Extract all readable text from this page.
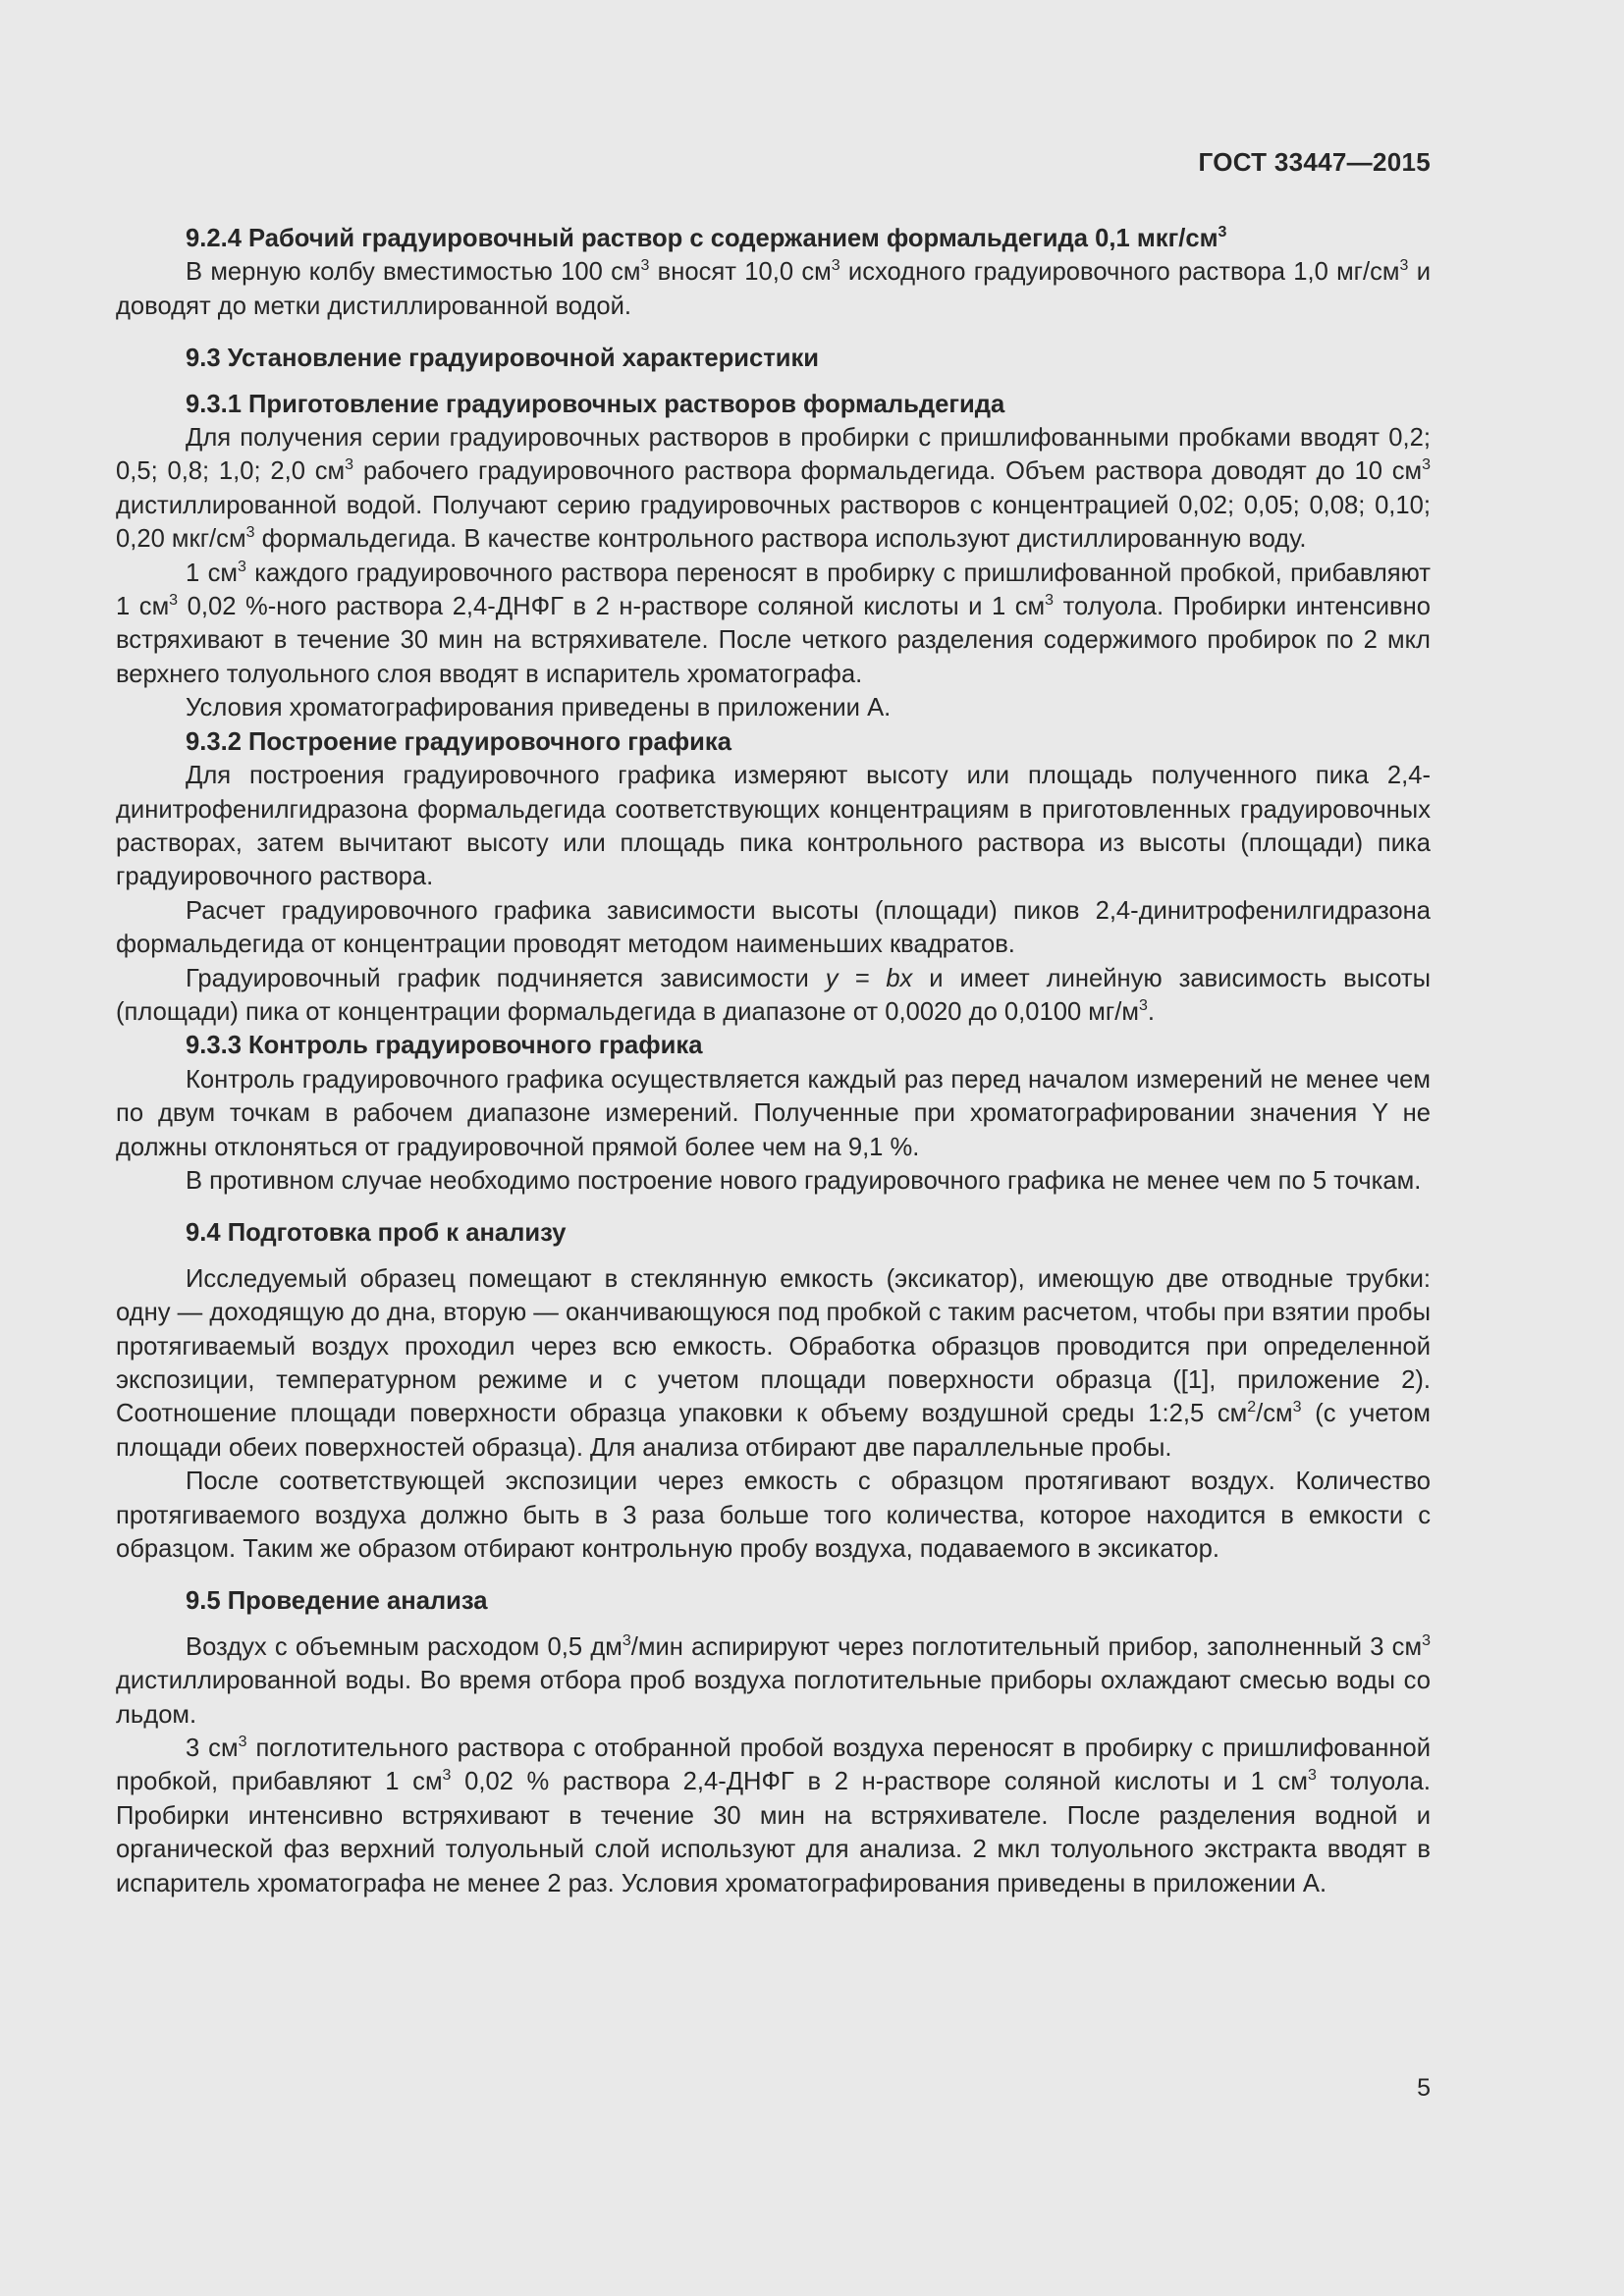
ГОСТ 33447—2015
9.2.4 Рабочий градуировочный раствор с содержанием формальдегида 0,1 мкг/$см^3$

В мерную колбу вместимостью 100 $см^3$ вносят 10,0 $см^3$ исходного градуировочного раствора 1,0 $мг/см^3$ и доводят до метки дистиллированной водой.

9.3 Установление градуировочной характеристики
9.3.1 Приготовление градуировочных растворов формальдегида

Для получения серии градуировочных растворов в пробирки с пришлифованными пробками вводят 0,2; 0,5; 0,8; 1,0; 2,0 $см^3$ рабочего градуировочного раствора формальдегида. Объем раствора доводят до 10 $см^3$ дистиллированной водой. Получают серию градуировочных растворов с концентрацией 0,02; 0,05; 0,08; 0,10; 0,20 мкг/$см^3$ формальдегида. В качестве контрольного раствора используют дистиллированную воду.

1 $см^3$ каждого градуировочного раствора переносят в пробирку с пришлифованной пробкой, прибавляют 1 $см^3$ 0,02 %-ного раствора 2,4-ДНФГ в 2 н-растворе соляной кислоты и 1 $см^3$ толуола. Пробирки интенсивно встряхивают в течение 30 мин на встряхивателе. После четкого разделения содержимого пробирок по 2 мкл верхнего толуольного слоя вводят в испаритель хроматографа.

Условия хроматографирования приведены в приложении А.

9.3.2 Построение градуировочного графика

Для построения градуировочного графика измеряют высоту или площадь полученного пика 2,4-динитрофенилгидразона формальдегида соответствующих концентрациям в приготовленных градуировочных растворах, затем вычитают высоту или площадь пика контрольного раствора из высоты (площади) пика градуировочного раствора.

Расчет градуировочного графика зависимости высоты (площади) пиков 2,4-динитрофенилгидразона формальдегида от концентрации проводят методом наименьших квадратов.

Градуировочный график подчиняется зависимости y = bx и имеет линейную зависимость высоты (площади) пика от концентрации формальдегида в диапазоне от 0,0020 до 0,0100 $мг/м^3$.

9.3.3 Контроль градуировочного графика

Контроль градуировочного графика осуществляется каждый раз перед началом измерений не менее чем по двум точкам в рабочем диапазоне измерений. Полученные при хроматографировании значения Y не должны отклоняться от градуировочной прямой более чем на 9,1 %.

В противном случае необходимо построение нового градуировочного графика не менее чем по 5 точкам.

9.4 Подготовка проб к анализу

Исследуемый образец помещают в стеклянную емкость (эксикатор), имеющую две отводные трубки: одну — доходящую до дна, вторую — оканчивающуюся под пробкой с таким расчетом, чтобы при взятии пробы протягиваемый воздух проходил через всю емкость. Обработка образцов проводится при определенной экспозиции, температурном режиме и с учетом площади поверхности образца ([1], приложение 2). Соотношение площади поверхности образца упаковки к объему воздушной среды 1:2,5 $см^2/см^3$ (с учетом площади обеих поверхностей образца). Для анализа отбирают две параллельные пробы.

После соответствующей экспозиции через емкость с образцом протягивают воздух. Количество протягиваемого воздуха должно быть в 3 раза больше того количества, которое находится в емкости с образцом. Таким же образом отбирают контрольную пробу воздуха, подаваемого в эксикатор.

9.5 Проведение анализа

Воздух с объемным расходом 0,5 $дм^3$/мин аспирируют через поглотительный прибор, заполненный 3 $см^3$ дистиллированной воды. Во время отбора проб воздуха поглотительные приборы охлаждают смесью воды со льдом.

3 $см^3$ поглотительного раствора с отобранной пробой воздуха переносят в пробирку с пришлифованной пробкой, прибавляют 1 $см^3$ 0,02 % раствора 2,4-ДНФГ в 2 н-растворе соляной кислоты и 1 $см^3$ толуола. Пробирки интенсивно встряхивают в течение 30 мин на встряхивателе. После разделения водной и органической фаз верхний толуольный слой используют для анализа. 2 мкл толуольного экстракта вводят в испаритель хроматографа не менее 2 раз. Условия хроматографирования приведены в приложении А.

5
